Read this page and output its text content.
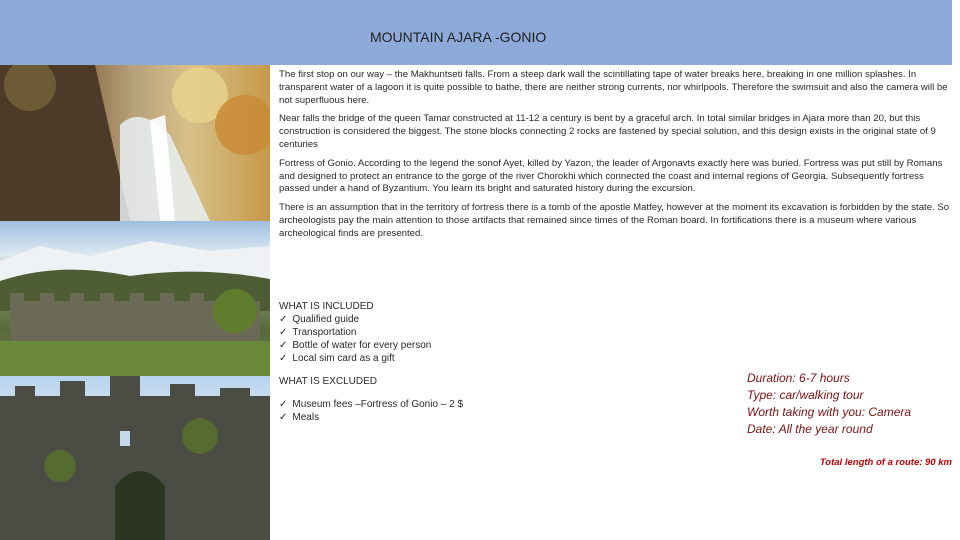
MOUNTAIN AJARA -GONIO

The first stop on our way – the Makhuntseti falls. From a steep dark wall the scintillating tape of water breaks here, breaking in one million splashes. In transparent water of a lagoon it is quite possible to bathe, there are neither strong currents, nor whirlpools. Therefore the swimsuit and also the camera will be not superfluous here.

Near falls the bridge of the queen Tamar constructed at 11-12 a century is bent by a graceful arch. In total similar bridges in Ajara more than 20, but this construction is considered the biggest. The stone blocks connecting 2 rocks are fastened by special solution, and this design exists in the original state of 9 centuries

Fortress of Gonio. According to the legend the sonof Ayet, killed by Yazon, the leader of Argonavts exactly here was buried. Fortress was put still by Romans and designed to protect an entrance to the gorge of the river Chorokhi which connected the coast and internal regions of Georgia. Subsequently fortress passed under a hand of Byzantium. You learn its bright and saturated history during the excursion.

There is an assumption that in the territory of fortress there is a tomb of the apostle Matfey, however at the moment its excavation is forbidden by the state. So archeologists pay the main attention to those artifacts that remained since times of the Roman board. In fortifications there is a museum where various archeological finds are presented.

WHAT IS INCLUDED
✓ Qualified guide
✓ Transportation
✓ Bottle of water for every person
✓ Local sim card as a gift
WHAT IS EXCLUDED
✓ Museum fees –Fortress of Gonio – 2 $
✓ Meals
Duration: 6-7 hours
Type: car/walking tour
Worth taking with you: Camera
Date: All the year round
Total length of a route: 90 km
